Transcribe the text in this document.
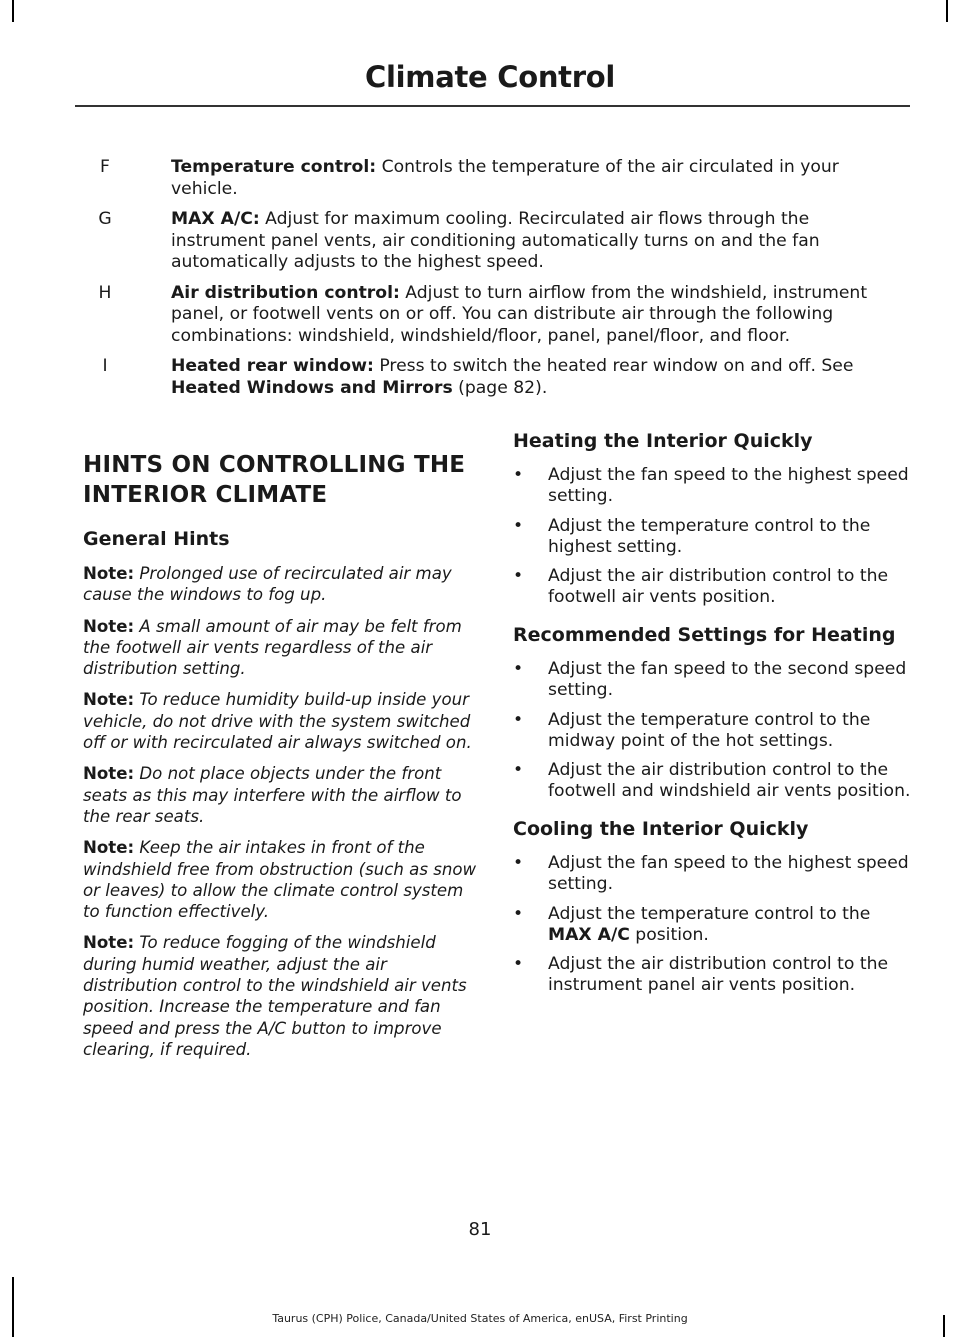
Climate Control
F	Temperature control: Controls the temperature of the air circulated in your vehicle.
G	MAX A/C: Adjust for maximum cooling. Recirculated air flows through the instrument panel vents, air conditioning automatically turns on and the fan automatically adjusts to the highest speed.
H	Air distribution control: Adjust to turn airflow from the windshield, instrument panel, or footwell vents on or off. You can distribute air through the following combinations: windshield, windshield/floor, panel, panel/floor, and floor.
I	Heated rear window: Press to switch the heated rear window on and off. See Heated Windows and Mirrors (page 82).
HINTS ON CONTROLLING THE INTERIOR CLIMATE
General Hints
Note: Prolonged use of recirculated air may cause the windows to fog up.
Note: A small amount of air may be felt from the footwell air vents regardless of the air distribution setting.
Note: To reduce humidity build-up inside your vehicle, do not drive with the system switched off or with recirculated air always switched on.
Note: Do not place objects under the front seats as this may interfere with the airflow to the rear seats.
Note: Keep the air intakes in front of the windshield free from obstruction (such as snow or leaves) to allow the climate control system to function effectively.
Note: To reduce fogging of the windshield during humid weather, adjust the air distribution control to the windshield air vents position. Increase the temperature and fan speed and press the A/C button to improve clearing, if required.
Heating the Interior Quickly
• Adjust the fan speed to the highest speed setting.
• Adjust the temperature control to the highest setting.
• Adjust the air distribution control to the footwell air vents position.
Recommended Settings for Heating
• Adjust the fan speed to the second speed setting.
• Adjust the temperature control to the midway point of the hot settings.
• Adjust the air distribution control to the footwell and windshield air vents position.
Cooling the Interior Quickly
• Adjust the fan speed to the highest speed setting.
• Adjust the temperature control to the MAX A/C position.
• Adjust the air distribution control to the instrument panel air vents position.
81
Taurus (CPH) Police, Canada/United States of America, enUSA, First Printing
